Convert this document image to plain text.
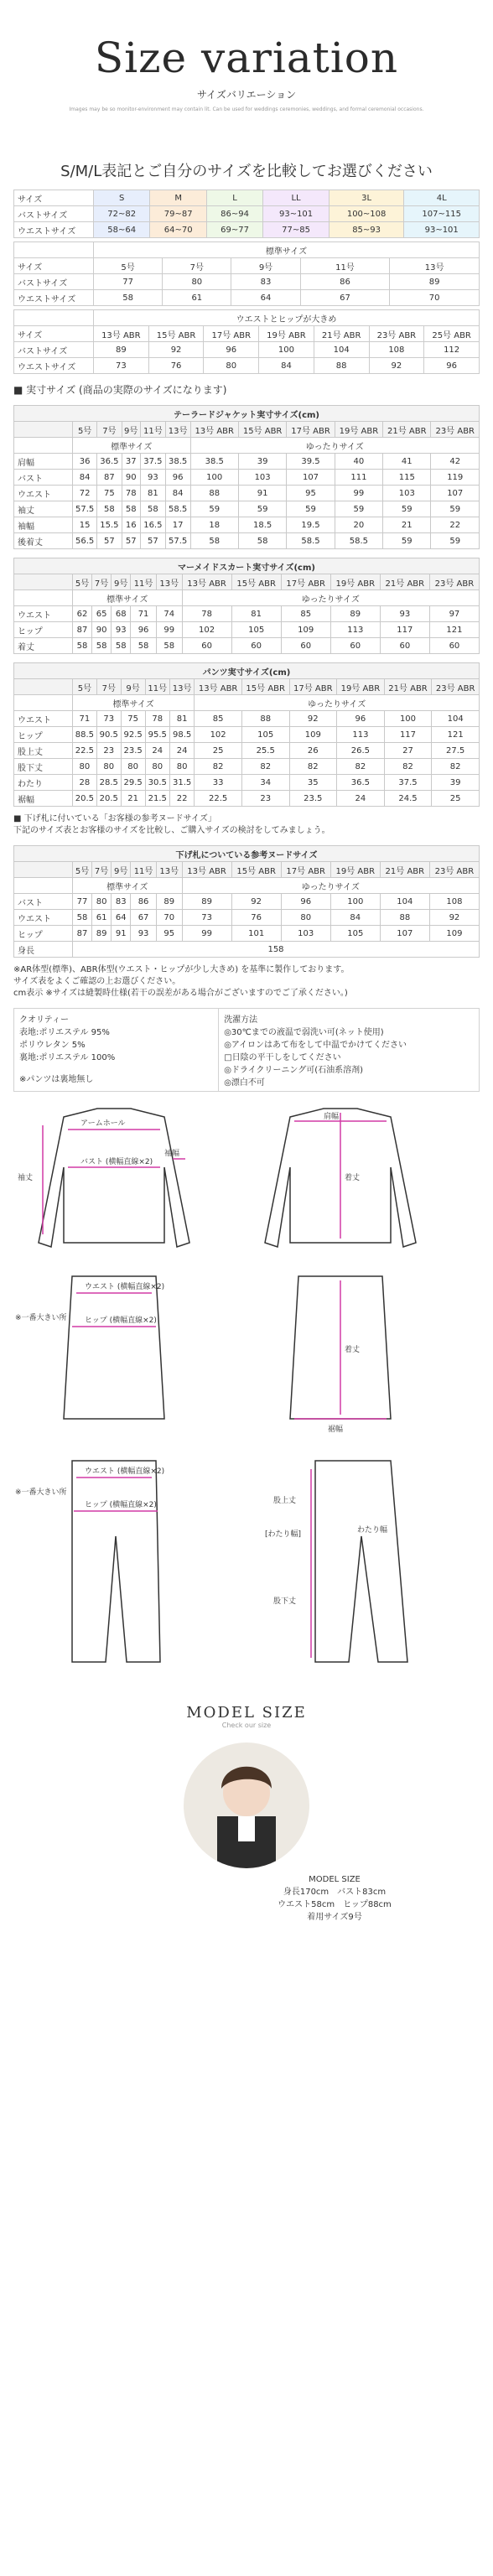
Size variation
サイズバリエーション
Images may be so monitor-environment may contain lit. Can be used for weddings ceremonies, weddings, and formal ceremonial occasions.
S/M/L表記とご自分のサイズを比較してお選びください
サイズ	S	M	L	LL	3L	4L
バストサイズ	72~82	79~87	86~94	93~101	100~108	107~115
ウエストサイズ	58~64	64~70	69~77	77~85	85~93	93~101
	標準サイズ				
サイズ	5号	7号	9号	11号	13号
バストサイズ	77	80	83	86	89
ウエストサイズ	58	61	64	67	70
	ウエストとヒップが大きめ						
サイズ	13号 ABR	15号 ABR	17号 ABR	19号 ABR	21号 ABR	23号 ABR	25号 ABR
バストサイズ	89	92	96	100	104	108	112
ウエストサイズ	73	76	80	84	88	92	96
■ 実寸サイズ (商品の実際のサイズになります)
テーラードジャケット実寸サイズ(cm)											
	5号	7号	9号	11号	13号	13号 ABR	15号 ABR	17号 ABR	19号 ABR	21号 ABR	23号 ABR
	標準サイズ					ゆったりサイズ					
肩幅	36	36.5	37	37.5	38.5	38.5	39	39.5	40	41	42
バスト	84	87	90	93	96	100	103	107	111	115	119
ウエスト	72	75	78	81	84	88	91	95	99	103	107
袖丈	57.5	58	58	58	58.5	59	59	59	59	59	59
袖幅	15	15.5	16	16.5	17	18	18.5	19.5	20	21	22
後着丈	56.5	57	57	57	57.5	58	58	58.5	58.5	59	59
マーメイドスカート実寸サイズ(cm)											
	5号	7号	9号	11号	13号	13号 ABR	15号 ABR	17号 ABR	19号 ABR	21号 ABR	23号 ABR
	標準サイズ					ゆったりサイズ					
ウエスト	62	65	68	71	74	78	81	85	89	93	97
ヒップ	87	90	93	96	99	102	105	109	113	117	121
着丈	58	58	58	58	58	60	60	60	60	60	60
パンツ実寸サイズ(cm)											
	5号	7号	9号	11号	13号	13号 ABR	15号 ABR	17号 ABR	19号 ABR	21号 ABR	23号 ABR
	標準サイズ					ゆったりサイズ					
ウエスト	71	73	75	78	81	85	88	92	96	100	104
ヒップ	88.5	90.5	92.5	95.5	98.5	102	105	109	113	117	121
股上丈	22.5	23	23.5	24	24	25	25.5	26	26.5	27	27.5
股下丈	80	80	80	80	80	82	82	82	82	82	82
わたり	28	28.5	29.5	30.5	31.5	33	34	35	36.5	37.5	39
裾幅	20.5	20.5	21	21.5	22	22.5	23	23.5	24	24.5	25
■ 下げ札に付いている「お客様の参考ヌードサイズ」
下記のサイズ表とお客様のサイズを比較し、ご購入サイズの検討をしてみましょう。
下げ札についている参考ヌードサイズ											
	5号	7号	9号	11号	13号	13号 ABR	15号 ABR	17号 ABR	19号 ABR	21号 ABR	23号 ABR
	標準サイズ					ゆったりサイズ					
バスト	77	80	83	86	89	89	92	96	100	104	108
ウエスト	58	61	64	67	70	73	76	80	84	88	92
ヒップ	87	89	91	93	95	99	101	103	105	107	109
身長	158										
※AR体型(標準)、ABR体型(ウエスト・ヒップが少し大きめ) を基準に製作しております。
サイズ表をよくご確認の上お選びください。
cm表示 ※サイズは縫製時仕様(若干の誤差がある場合がございますのでご了承ください。)
クオリティー
表地:ポリエステル 95%
ポリウレタン 5%
裏地:ポリエステル 100%

※パンツは裏地無し

洗濯方法
◎30℃までの液温で弱洗い可(ネット使用)
◎アイロンはあて布をして中温でかけてください
□日陰の平干しをしてください
◎ドライクリーニング可(石油系溶剤)
◎漂白不可
アームホール
バスト (横幅直線×2)
袖丈
袖幅
肩幅
着丈
ウエスト (横幅直線×2)
ヒップ (横幅直線×2)
※一番大きい所
着丈
裾幅
ウエスト (横幅直線×2)
ヒップ (横幅直線×2)
※一番大きい所
股上丈
わたり幅
[わたり幅]
股下丈
MODEL SIZE
Check our size
MODEL SIZE
身長170cm　バスト83cm
ウエスト58cm　ヒップ88cm
着用サイズ9号
